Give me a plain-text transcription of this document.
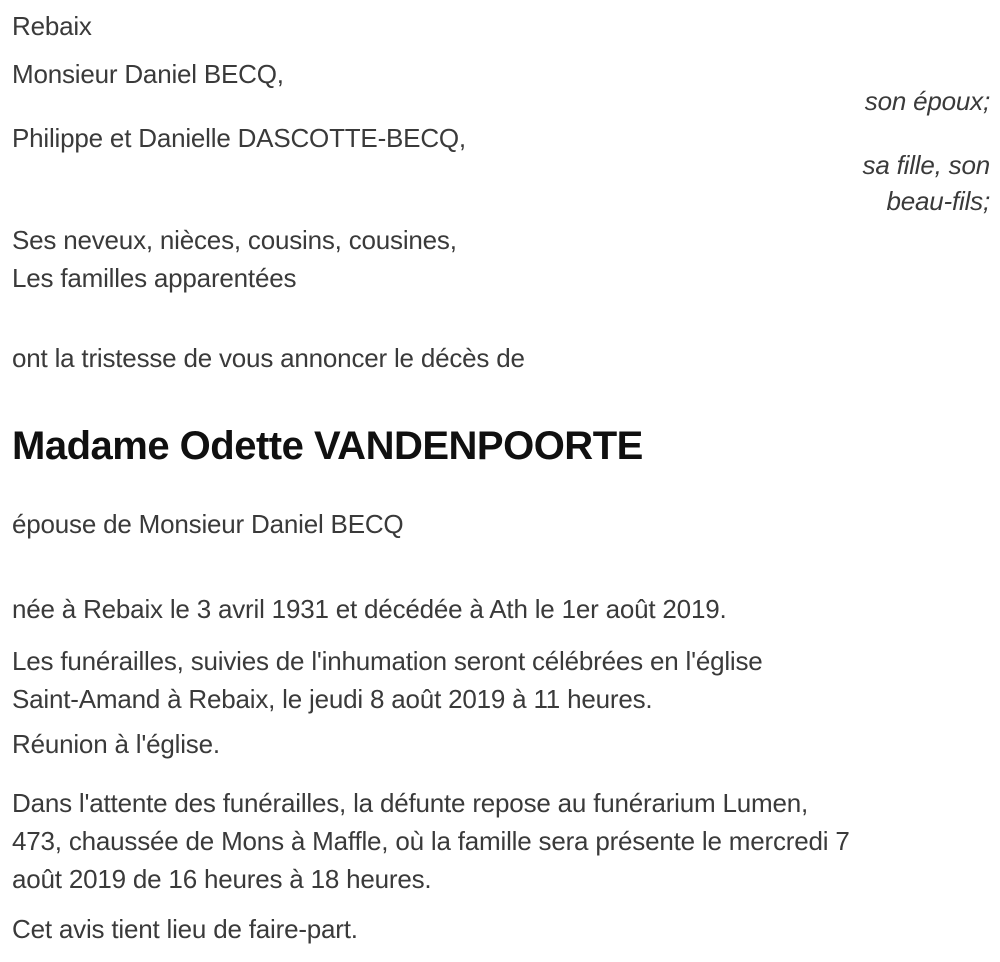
Rebaix

Monsieur Daniel BECQ,

son époux;

Philippe et Danielle DASCOTTE-BECQ,

sa fille, son

beau-fils;

Ses neveux, nièces, cousins, cousines,

Les familles apparentées

ont la tristesse de vous annoncer le décès de

Madame Odette VANDENPOORTE

épouse de Monsieur Daniel BECQ

née à Rebaix le 3 avril 1931 et décédée à Ath le 1er août 2019.

Les funérailles, suivies de l'inhumation seront célébrées en l'église

Saint-Amand à Rebaix, le jeudi 8 août 2019 à 11 heures.

Réunion à l'église.

Dans l'attente des funérailles, la défunte repose au funérarium Lumen,

473, chaussée de Mons à Maffle, où la famille sera présente le mercredi 7

août 2019 de 16 heures à 18 heures.

Cet avis tient lieu de faire-part.
